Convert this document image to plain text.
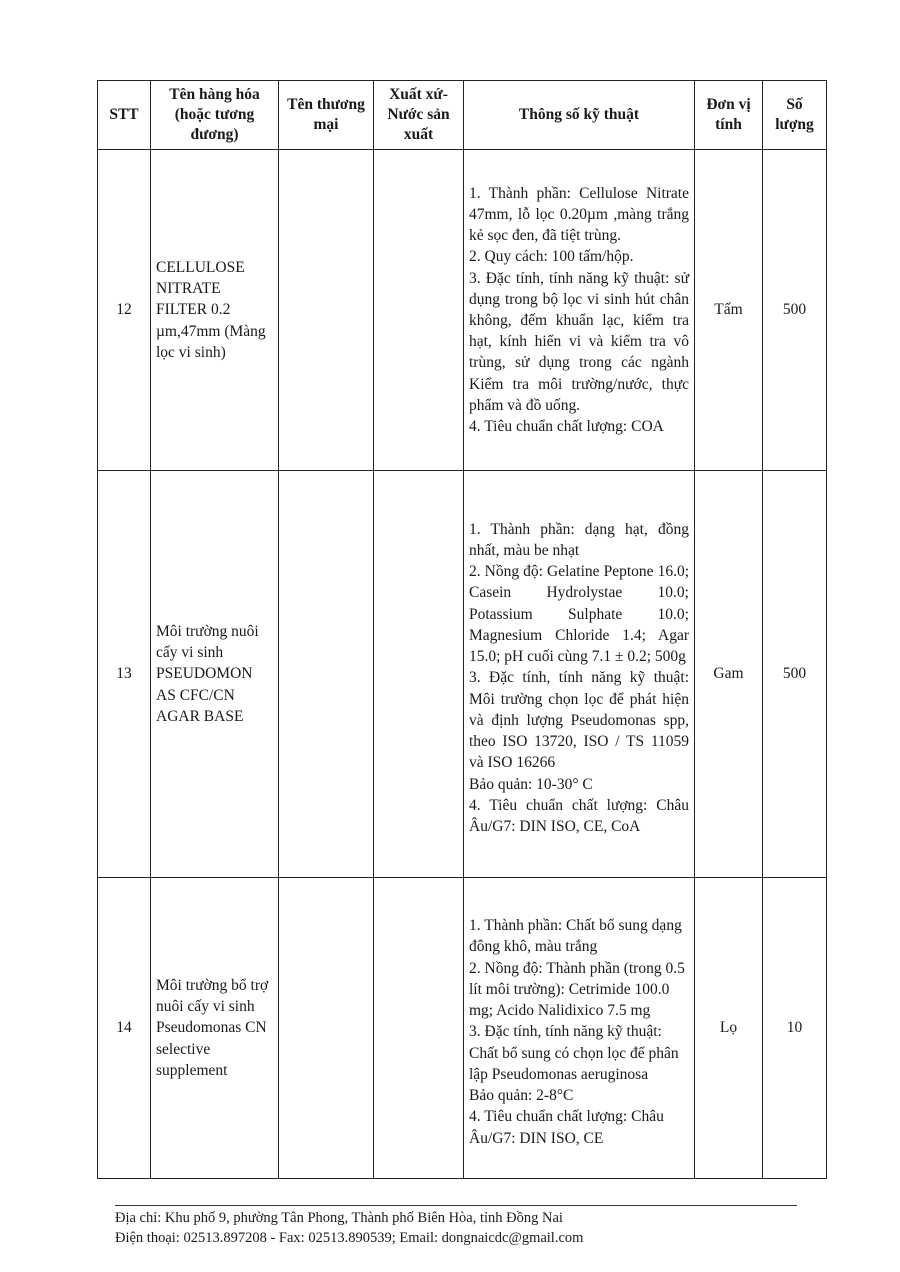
STT	Tên hàng hóa (hoặc tương đương)	Tên thương mại	Xuất xứ- Nước sản xuất	Thông số kỹ thuật	Đơn vị tính	Số lượng
12	CELLULOSE NITRATE FILTER 0.2 µm,47mm (Màng lọc vi sinh)			1. Thành phần: Cellulose Nitrate 47mm, lỗ lọc 0.20µm ,màng trắng kẻ sọc đen, đã tiệt trùng.
2. Quy cách: 100 tấm/hộp.
3. Đặc tính, tính năng kỹ thuật: sử dụng trong bộ lọc vi sinh hút chân không, đếm khuẩn lạc, kiểm tra hạt, kính hiển vi và kiểm tra vô trùng, sử dụng trong các ngành Kiểm tra môi trường/nước, thực phẩm và đồ uống.
4. Tiêu chuẩn chất lượng: COA	Tấm	500
13	Môi trường nuôi cấy vi sinh PSEUDOMON AS CFC/CN AGAR BASE			1. Thành phần: dạng hạt, đồng nhất, màu be nhạt
2. Nồng độ: Gelatine Peptone 16.0; Casein Hydrolystae 10.0; Potassium Sulphate 10.0; Magnesium Chloride 1.4; Agar 15.0; pH cuối cùng 7.1 ± 0.2; 500g
3. Đặc tính, tính năng kỹ thuật: Môi trường chọn lọc để phát hiện và định lượng Pseudomonas spp, theo ISO 13720, ISO / TS 11059 và ISO 16266
Bảo quản: 10-30° C
4. Tiêu chuẩn chất lượng: Châu Âu/G7: DIN ISO, CE, CoA	Gam	500
14	Môi trường bổ trợ nuôi cấy vi sinh Pseudomonas CN selective supplement			1. Thành phần: Chất bổ sung dạng đông khô, màu trắng
2. Nồng độ: Thành phần (trong 0.5 lít môi trường): Cetrimide 100.0 mg; Acido Nalidixico 7.5 mg
3. Đặc tính, tính năng kỹ thuật: Chất bổ sung có chọn lọc để phân lập Pseudomonas aeruginosa
Bảo quản: 2-8°C
4. Tiêu chuẩn chất lượng: Châu Âu/G7: DIN ISO, CE	Lọ	10
Địa chỉ: Khu phố 9, phường Tân Phong, Thành phố Biên Hòa, tỉnh Đồng Nai
Điện thoại: 02513.897208 - Fax: 02513.890539; Email: dongnaicdc@gmail.com
